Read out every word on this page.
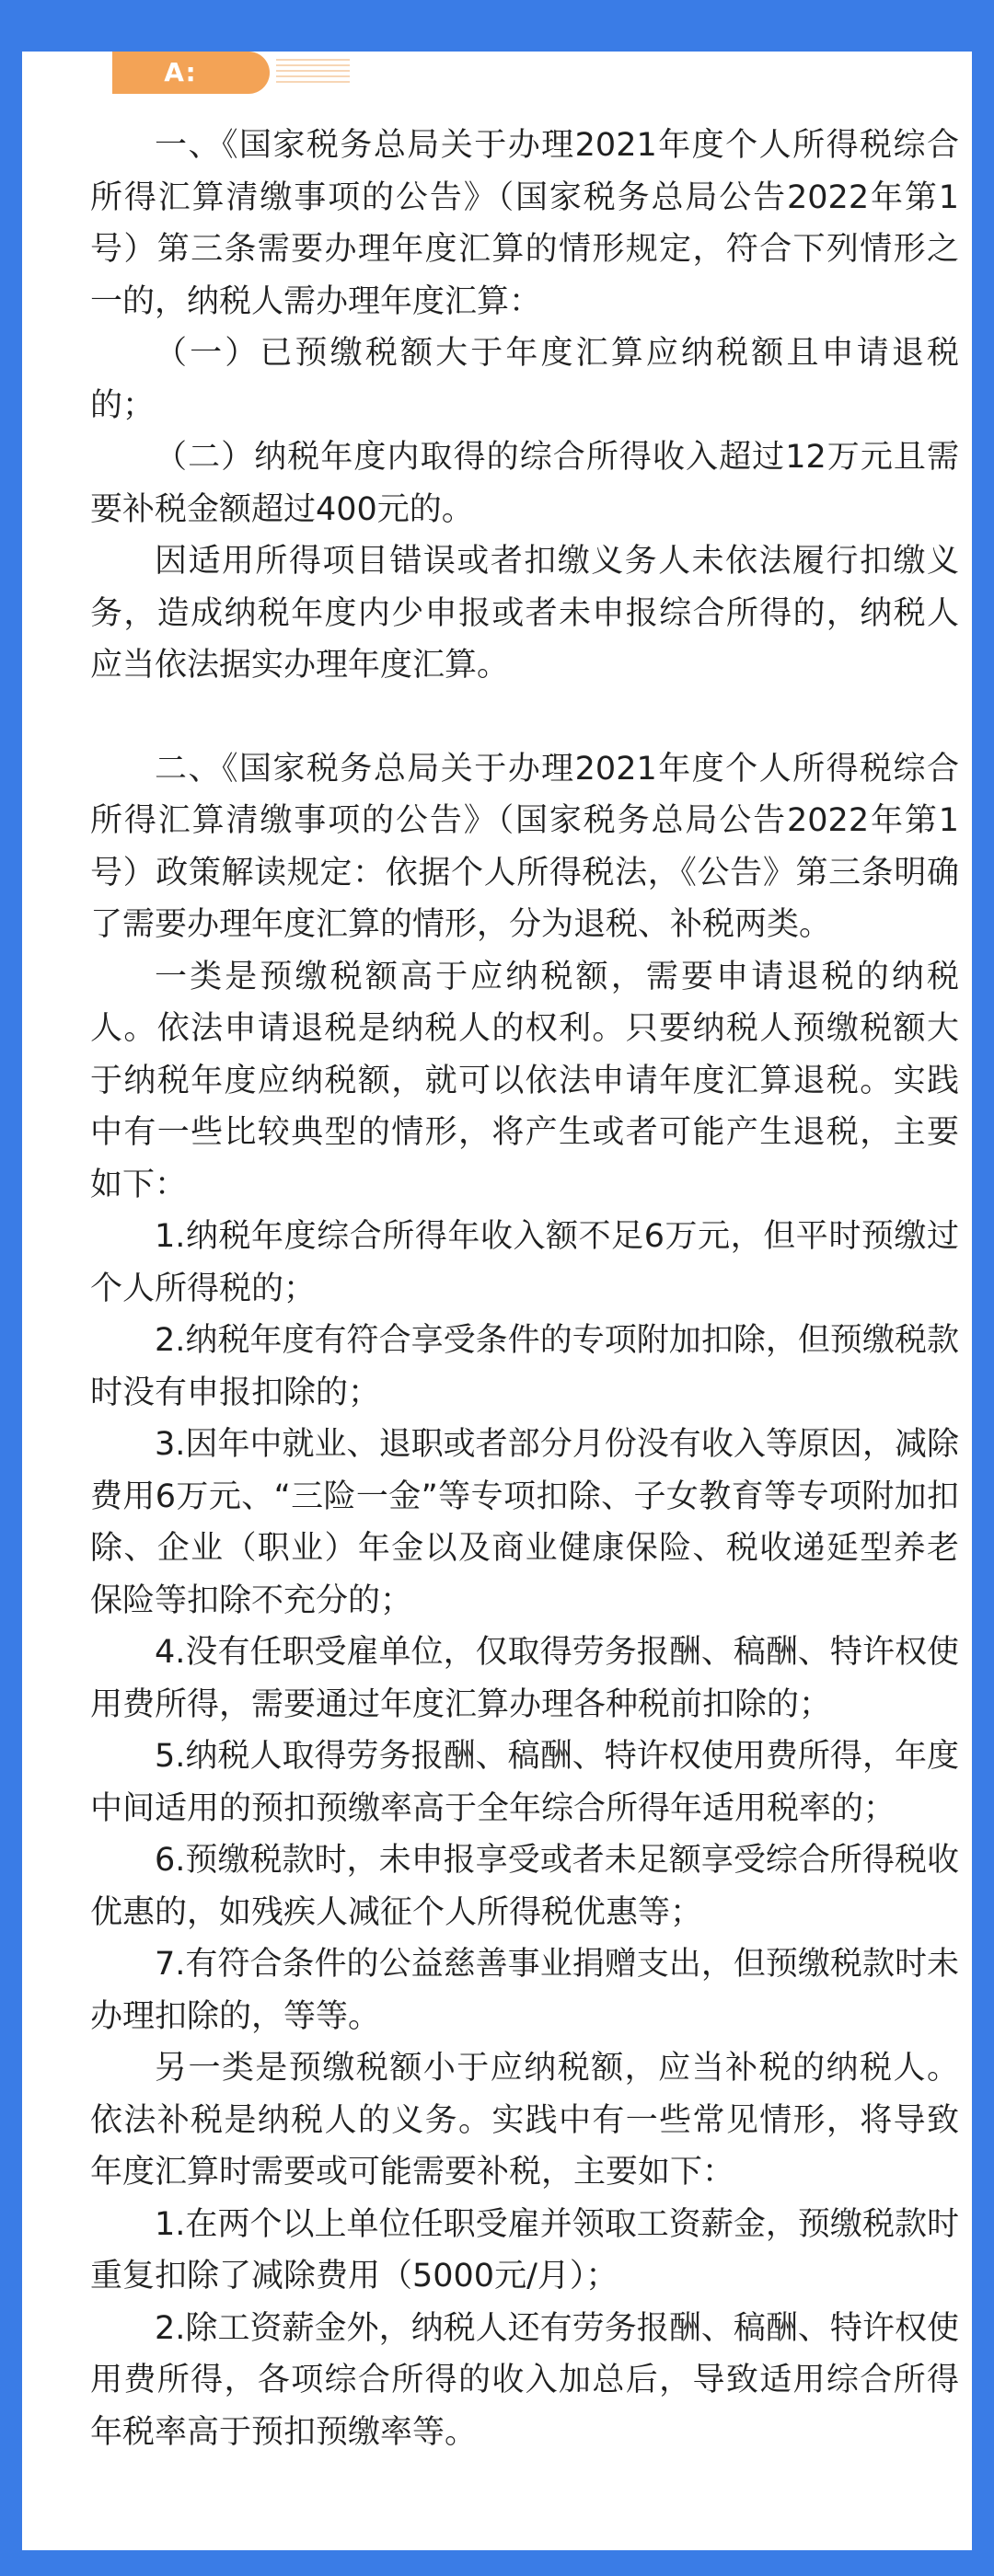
A:

一、《国家税务总局关于办理2021年度个人所得税综合所得汇算清缴事项的公告》（国家税务总局公告2022年第1号）第三条需要办理年度汇算的情形规定，符合下列情形之一的，纳税人需办理年度汇算：

（一）已预缴税额大于年度汇算应纳税额且申请退税的；

（二）纳税年度内取得的综合所得收入超过12万元且需要补税金额超过400元的。

因适用所得项目错误或者扣缴义务人未依法履行扣缴义务，造成纳税年度内少申报或者未申报综合所得的，纳税人应当依法据实办理年度汇算。

二、《国家税务总局关于办理2021年度个人所得税综合所得汇算清缴事项的公告》（国家税务总局公告2022年第1号）政策解读规定：依据个人所得税法，《公告》第三条明确了需要办理年度汇算的情形，分为退税、补税两类。

一类是预缴税额高于应纳税额，需要申请退税的纳税人。依法申请退税是纳税人的权利。只要纳税人预缴税额大于纳税年度应纳税额，就可以依法申请年度汇算退税。实践中有一些比较典型的情形，将产生或者可能产生退税，主要如下：

1.纳税年度综合所得年收入额不足6万元，但平时预缴过个人所得税的；

2.纳税年度有符合享受条件的专项附加扣除，但预缴税款时没有申报扣除的；

3.因年中就业、退职或者部分月份没有收入等原因，减除费用6万元、“三险一金”等专项扣除、子女教育等专项附加扣除、企业（职业）年金以及商业健康保险、税收递延型养老保险等扣除不充分的；

4.没有任职受雇单位，仅取得劳务报酬、稿酬、特许权使用费所得，需要通过年度汇算办理各种税前扣除的；

5.纳税人取得劳务报酬、稿酬、特许权使用费所得，年度中间适用的预扣预缴率高于全年综合所得年适用税率的；

6.预缴税款时，未申报享受或者未足额享受综合所得税收优惠的，如残疾人减征个人所得税优惠等；

7.有符合条件的公益慈善事业捐赠支出，但预缴税款时未办理扣除的，等等。

另一类是预缴税额小于应纳税额，应当补税的纳税人。依法补税是纳税人的义务。实践中有一些常见情形，将导致年度汇算时需要或可能需要补税，主要如下：

1.在两个以上单位任职受雇并领取工资薪金，预缴税款时重复扣除了减除费用（5000元/月）；

2.除工资薪金外，纳税人还有劳务报酬、稿酬、特许权使用费所得，各项综合所得的收入加总后，导致适用综合所得年税率高于预扣预缴率等。
